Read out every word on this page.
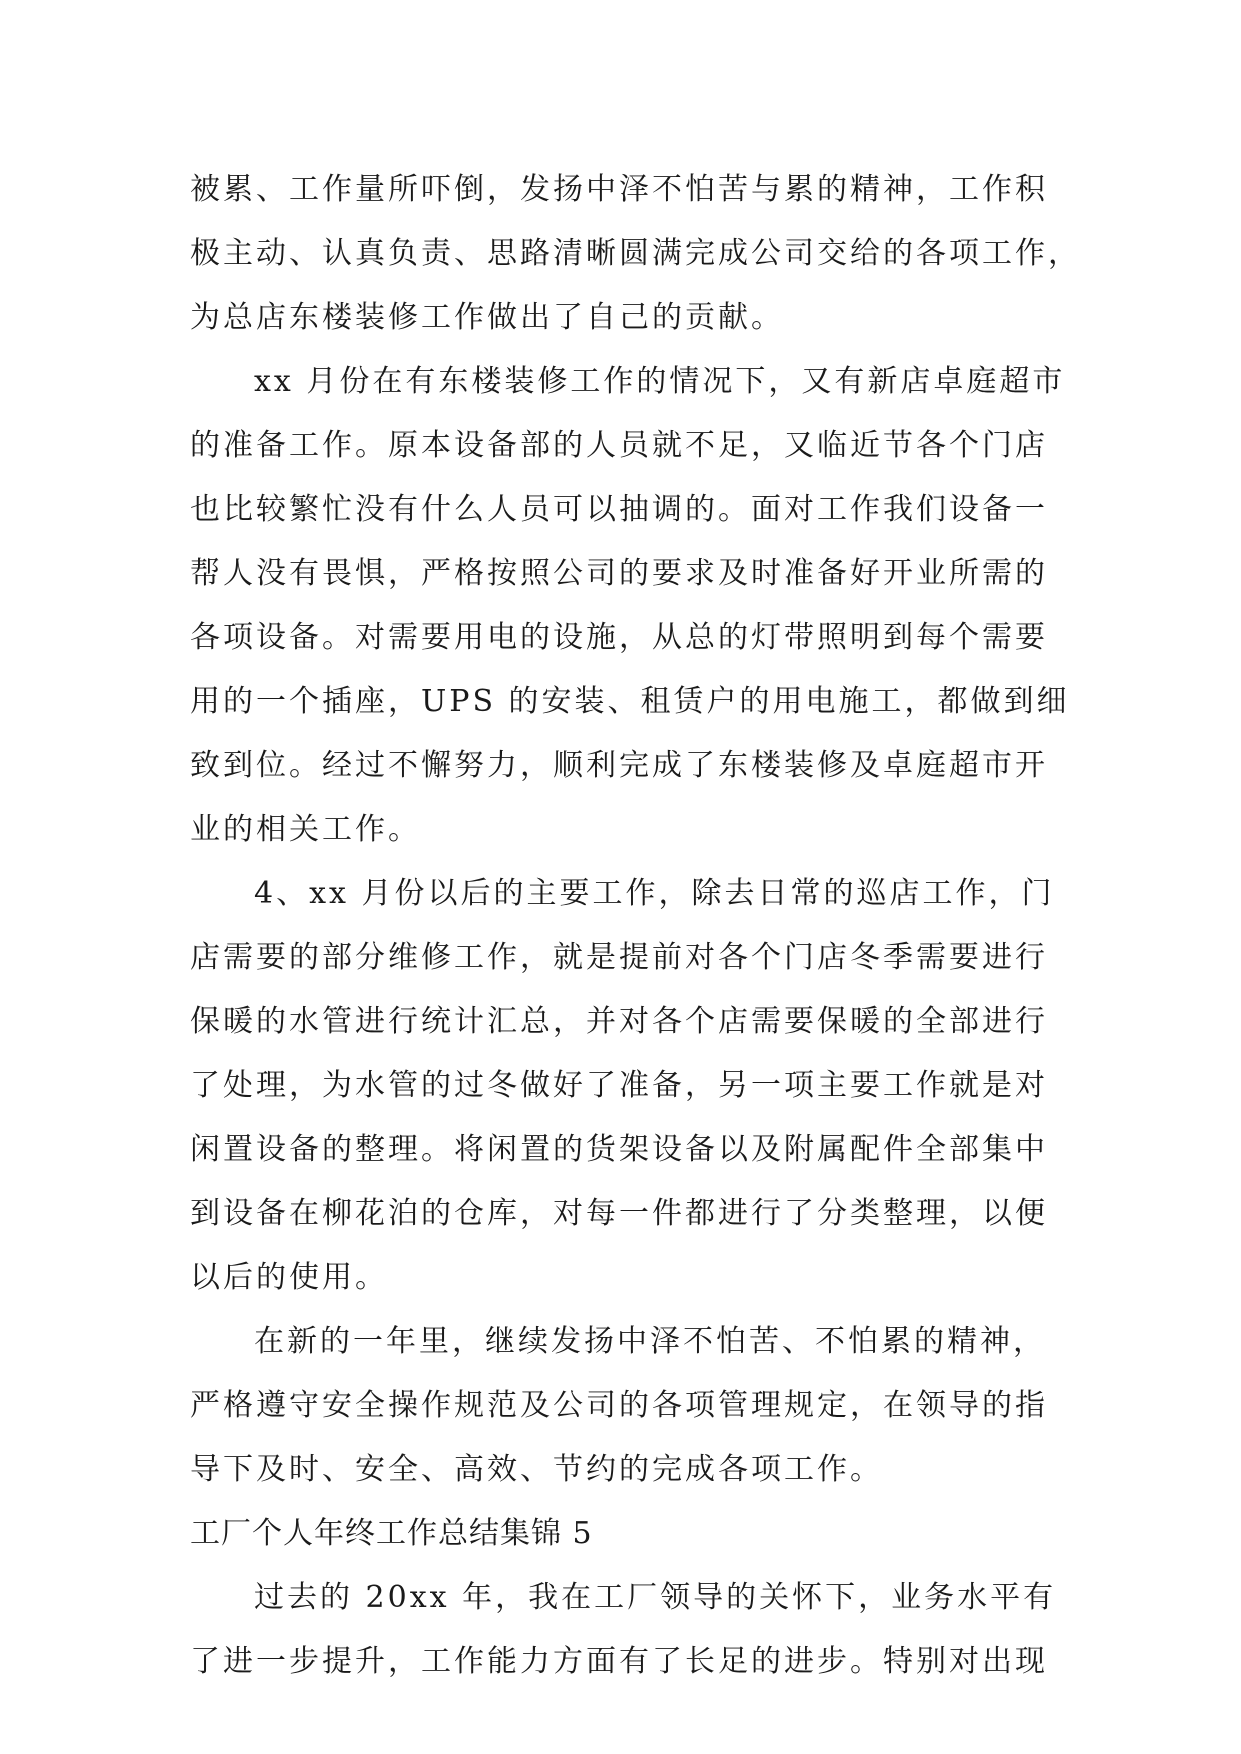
被累、工作量所吓倒，发扬中泽不怕苦与累的精神，工作积
极主动、认真负责、思路清晰圆满完成公司交给的各项工作，
为总店东楼装修工作做出了自己的贡献。
xx 月份在有东楼装修工作的情况下，又有新店卓庭超市
的准备工作。原本设备部的人员就不足，又临近节各个门店
也比较繁忙没有什么人员可以抽调的。面对工作我们设备一
帮人没有畏惧，严格按照公司的要求及时准备好开业所需的
各项设备。对需要用电的设施，从总的灯带照明到每个需要
用的一个插座，UPS 的安装、租赁户的用电施工，都做到细
致到位。经过不懈努力，顺利完成了东楼装修及卓庭超市开
业的相关工作。
4、xx 月份以后的主要工作，除去日常的巡店工作，门
店需要的部分维修工作，就是提前对各个门店冬季需要进行
保暖的水管进行统计汇总，并对各个店需要保暖的全部进行
了处理，为水管的过冬做好了准备，另一项主要工作就是对
闲置设备的整理。将闲置的货架设备以及附属配件全部集中
到设备在柳花泊的仓库，对每一件都进行了分类整理，以便
以后的使用。
在新的一年里，继续发扬中泽不怕苦、不怕累的精神，
严格遵守安全操作规范及公司的各项管理规定，在领导的指
导下及时、安全、高效、节约的完成各项工作。
工厂个人年终工作总结集锦 5
过去的 20xx 年，我在工厂领导的关怀下，业务水平有
了进一步提升，工作能力方面有了长足的进步。特别对出现
